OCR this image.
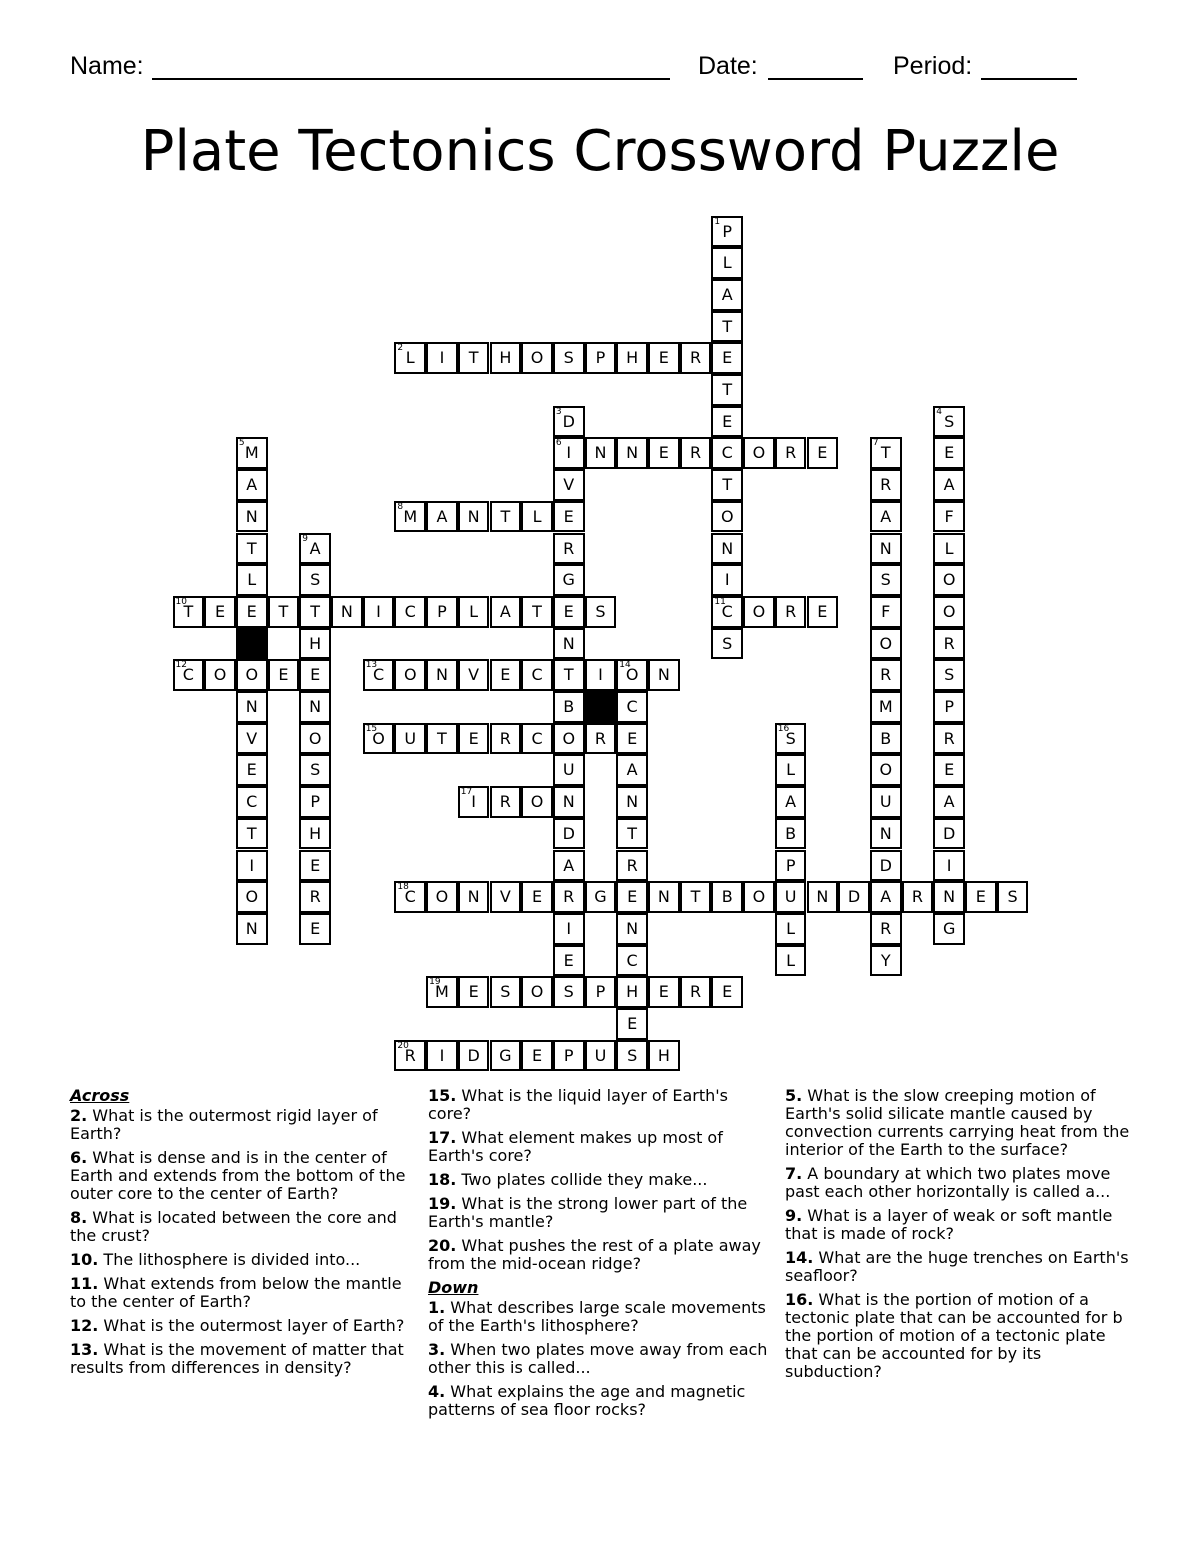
Name:	Date:	Period:
Plate Tectonics Crossword Puzzle
1 P
L
A
T
E
T
E
C
T
O
N
I
11
C
S
2 L	I	T	H	O	S	P	H	E	R
3 D
6 I
V
E
R
G
E
N
T
B
O
U
N
D
A
R
I
E
S
4 S
E
A
F
L
O
O
R
S
P
R
E
A
D
I
N
G
5 M
A
N
T
L
E
O
N
V
E
C
T
I
O
N
N	N	E	R	O	R	E	7 T
R
A
N
S
F
O
R
M
B
O
U
N
D
A
R
Y
8 M	A	N	T	L
9 A
S
T
H
E
N
O
S
P
H
E
R
E
10
T	E	T	N	I	C	P	L	A	T	S	O	R	E
12
C	O	E	13
C	O	N	V	E	C	I	14
O	N
C
E
A
N
T
R
E
N
C
H
E
S
15
O	U	T	E	R	C	R	16
S
L
A
B
P
U
L
L
17 I	R	O
18
C	O	N	V	E	G	N	T	B	O	N	D	R	E	S
19
M	E	S	O	P	E	R	E
20
R	I	D	G	E	P	U	H
Across
2. What is the outermost rigid layer of Earth?
6. What is dense and is in the center of Earth and extends from the bottom of the outer core to the center of Earth?
8. What is located between the core and the crust?
10. The lithosphere is divided into...
11. What extends from below the mantle to the center of Earth?
12. What is the outermost layer of Earth?
13. What is the movement of matter that results from differences in density?
15. What is the liquid layer of Earth's core?
17. What element makes up most of Earth's core?
18. Two plates collide they make...
19. What is the strong lower part of the Earth's mantle?
20. What pushes the rest of a plate away from the mid-ocean ridge?
Down
1. What describes large scale movements of the Earth's lithosphere?
3. When two plates move away from each other this is called...
4. What explains the age and magnetic patterns of sea floor rocks?
5. What is the slow creeping motion of Earth's solid silicate mantle caused by convection currents carrying heat from the interior of the Earth to the surface?
7. A boundary at which two plates move past each other horizontally is called a...
9. What is a layer of weak or soft mantle that is made of rock?
14. What are the huge trenches on Earth's seafloor?
16. What is the portion of motion of a tectonic plate that can be accounted for b the portion of motion of a tectonic plate that can be accounted for by its subduction?
